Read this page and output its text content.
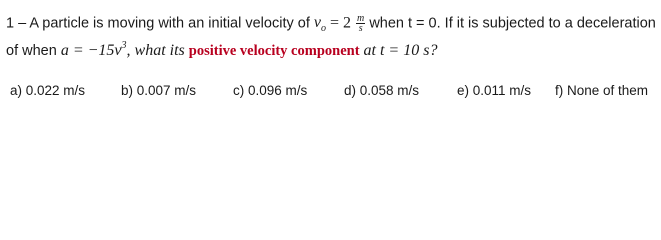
1 – A particle is moving with an initial velocity of $v_o = 2 \frac{m}{s}$ when t = 0. If it is subjected to a deceleration
of when $a = -15v^3$, what its positive velocity component at t = 10 s?
a) 0.022 m/s	b) 0.007 m/s	c) 0.096 m/s	d) 0.058 m/s	e) 0.011 m/s f) None of them
